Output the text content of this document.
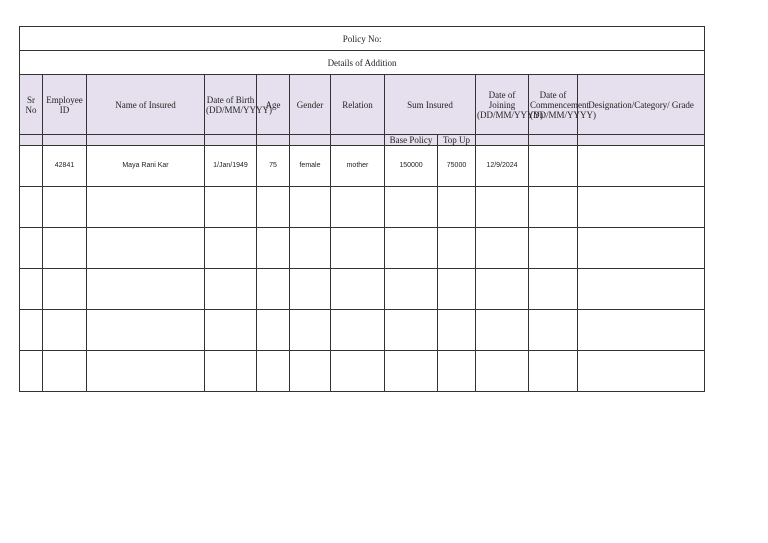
Policy No:											
Details of Addition											
Sr No	Employee ID	Name of Insured	Date of Birth (DD/MM/YYYY)	Age	Gender	Relation	Sum Insured		Date of Joining (DD/MM/YYYY)	Date of Commencement (DD/MM/YYYY)	Designation/Category/ Grade
							Base Policy	Top Up			
	42841	Maya Rani Kar	1/Jan/1949	75	female	mother	150000	75000	12/9/2024		
